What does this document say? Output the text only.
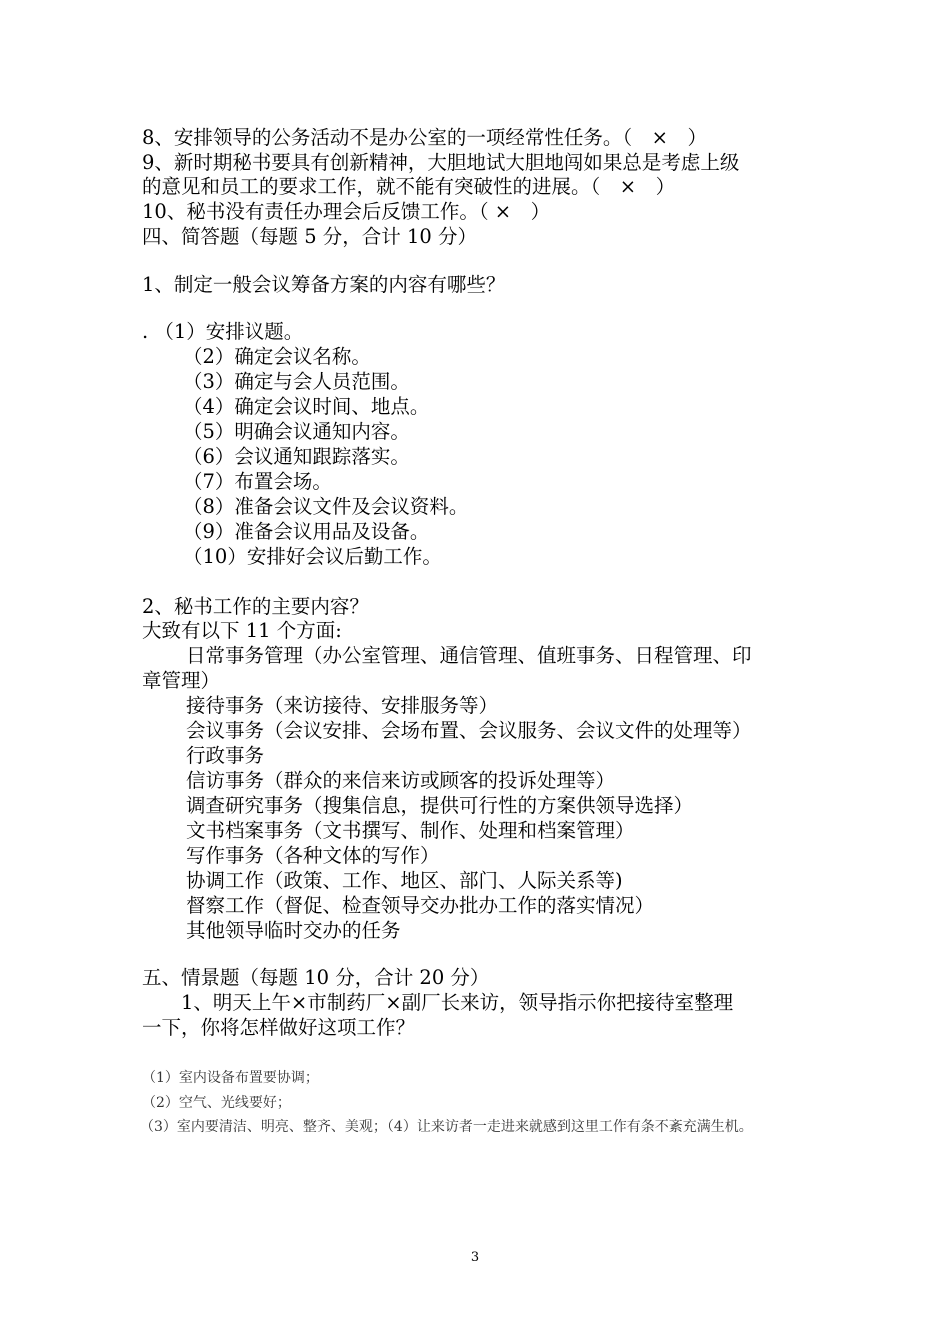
8、安排领导的公务活动不是办公室的一项经常性任务。（　×　）
9、新时期秘书要具有创新精神，大胆地试大胆地闯如果总是考虑上级
的意见和员工的要求工作，就不能有突破性的进展。（　×　）
10、秘书没有责任办理会后反馈工作。（ ×　）
四、简答题（每题 5 分，合计 10 分）
1、制定一般会议筹备方案的内容有哪些？
. （1）安排议题。
（2）确定会议名称。
（3）确定与会人员范围。
（4）确定会议时间、地点。
（5）明确会议通知内容。
（6）会议通知跟踪落实。
（7）布置会场。
（8）准备会议文件及会议资料。
（9）准备会议用品及设备。
（10）安排好会议后勤工作。
2、秘书工作的主要内容？
大致有以下 11 个方面:
日常事务管理（办公室管理、通信管理、值班事务、日程管理、印
章管理）
接待事务（来访接待、安排服务等）
会议事务（会议安排、会场布置、会议服务、会议文件的处理等）
行政事务
信访事务（群众的来信来访或顾客的投诉处理等）
调查研究事务（搜集信息，提供可行性的方案供领导选择）
文书档案事务（文书撰写、制作、处理和档案管理）
写作事务（各种文体的写作）
协调工作（政策、工作、地区、部门、人际关系等)
督察工作（督促、检查领导交办批办工作的落实情况）
其他领导临时交办的任务
五、情景题（每题 10 分，合计 20 分）
　　1、明天上午×市制药厂×副厂长来访，领导指示你把接待室整理
一下，你将怎样做好这项工作？
（1）室内设备布置要协调；
（2）空气、光线要好；
（3）室内要清洁、明亮、整齐、美观；（4）让来访者一走进来就感到这里工作有条不紊充满生机。
3
